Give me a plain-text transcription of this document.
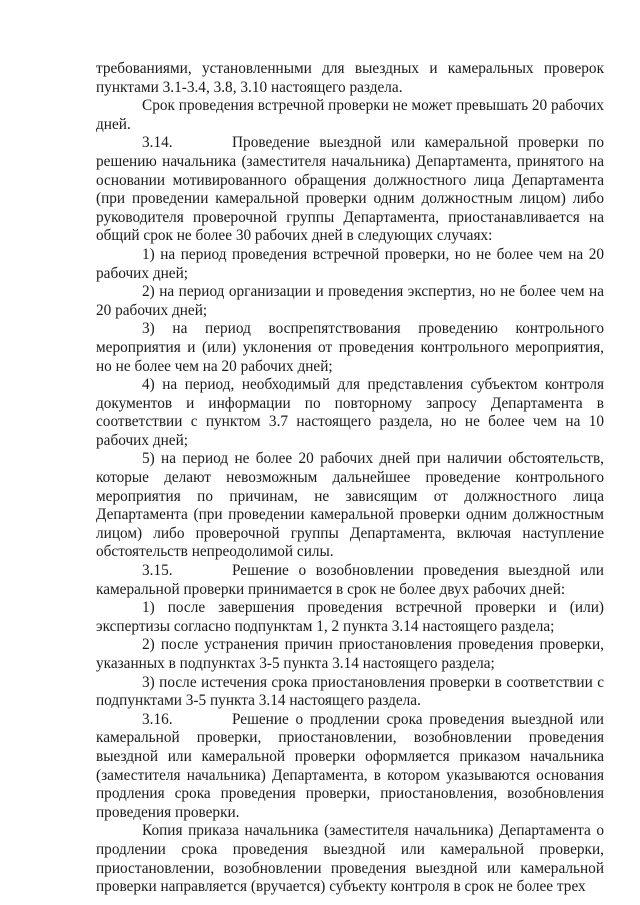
требованиями, установленными для выездных и камеральных проверок пунктами 3.1-3.4, 3.8, 3.10 настоящего раздела.

Срок проведения встречной проверки не может превышать 20 рабочих дней.

3.14.	Проведение выездной или камеральной проверки по решению начальника (заместителя начальника) Департамента, принятого на основании мотивированного обращения должностного лица Департамента (при проведении камеральной проверки одним должностным лицом) либо руководителя проверочной группы Департамента, приостанавливается на общий срок не более 30 рабочих дней в следующих случаях:

1) на период проведения встречной проверки, но не более чем на 20 рабочих дней;

2) на период организации и проведения экспертиз, но не более чем на 20 рабочих дней;

3) на период воспрепятствования проведению контрольного мероприятия и (или) уклонения от проведения контрольного мероприятия, но не более чем на 20 рабочих дней;

4) на период, необходимый для представления субъектом контроля документов и информации по повторному запросу Департамента в соответствии с пунктом 3.7 настоящего раздела, но не более чем на 10 рабочих дней;

5) на период не более 20 рабочих дней при наличии обстоятельств, которые делают невозможным дальнейшее проведение контрольного мероприятия по причинам, не зависящим от должностного лица Департамента (при проведении камеральной проверки одним должностным лицом) либо проверочной группы Департамента, включая наступление обстоятельств непреодолимой силы.

3.15.	Решение о возобновлении проведения выездной или камеральной проверки принимается в срок не более двух рабочих дней:

1) после завершения проведения встречной проверки и (или) экспертизы согласно подпунктам 1, 2 пункта 3.14 настоящего раздела;

2) после устранения причин приостановления проведения проверки, указанных в подпунктах 3-5 пункта 3.14 настоящего раздела;

3) после истечения срока приостановления проверки в соответствии с подпунктами 3-5 пункта 3.14 настоящего раздела.

3.16.	Решение о продлении срока проведения выездной или камеральной проверки, приостановлении, возобновлении проведения выездной или камеральной проверки оформляется приказом начальника (заместителя начальника) Департамента, в котором указываются основания продления срока проведения проверки, приостановления, возобновления проведения проверки.

Копия приказа начальника (заместителя начальника) Департамента о продлении срока проведения выездной или камеральной проверки, приостановлении, возобновлении проведения выездной или камеральной проверки направляется (вручается) субъекту контроля в срок не более трех
